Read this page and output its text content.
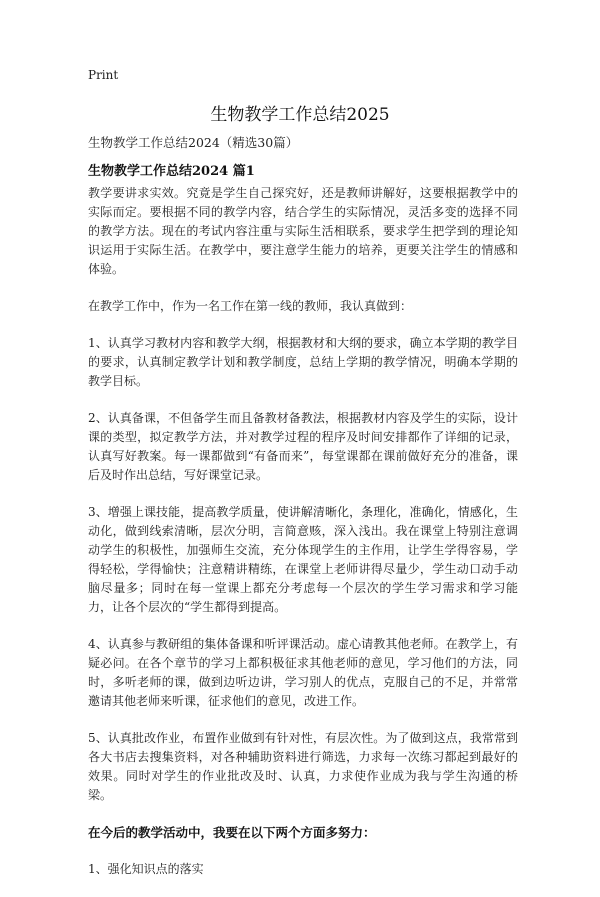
Print
生物教学工作总结2025
生物教学工作总结2024（精选30篇）
生物教学工作总结2024 篇1

教学要讲求实效。究竟是学生自己探究好，还是教师讲解好，这要根据教学中的实际而定。要根据不同的教学内容，结合学生的实际情况，灵活多变的选择不同的教学方法。现在的考试内容注重与实际生活相联系，要求学生把学到的理论知识运用于实际生活。在教学中，要注意学生能力的培养，更要关注学生的情感和体验。

在教学工作中，作为一名工作在第一线的教师，我认真做到：

1、认真学习教材内容和教学大纲，根据教材和大纲的要求，确立本学期的教学目的要求，认真制定教学计划和教学制度，总结上学期的教学情况，明确本学期的教学目标。

2、认真备课，不但备学生而且备教材备教法，根据教材内容及学生的实际，设计课的类型，拟定教学方法，并对教学过程的程序及时间安排都作了详细的记录，认真写好教案。每一课都做到“有备而来”，每堂课都在课前做好充分的准备，课后及时作出总结，写好课堂记录。

3、增强上课技能，提高教学质量，使讲解清晰化，条理化，准确化，情感化，生动化，做到线索清晰，层次分明，言简意赅，深入浅出。我在课堂上特别注意调动学生的积极性，加强师生交流，充分体现学生的主作用，让学生学得容易，学得轻松，学得愉快；注意精讲精练，在课堂上老师讲得尽量少，学生动口动手动脑尽量多；同时在每一堂课上都充分考虑每一个层次的学生学习需求和学习能力，让各个层次的“学生都得到提高。

4、认真参与教研组的集体备课和听评课活动。虚心请教其他老师。在教学上，有疑必问。在各个章节的学习上都积极征求其他老师的意见，学习他们的方法，同时，多听老师的课，做到边听边讲，学习别人的优点，克服自己的不足，并常常邀请其他老师来听课，征求他们的意见，改进工作。

5、认真批改作业，布置作业做到有针对性，有层次性。为了做到这点，我常常到各大书店去搜集资料，对各种辅助资料进行筛选，力求每一次练习都起到最好的效果。同时对学生的作业批改及时、认真，力求使作业成为我与学生沟通的桥梁。

在今后的教学活动中，我要在以下两个方面多努力：

1、强化知识点的落实
